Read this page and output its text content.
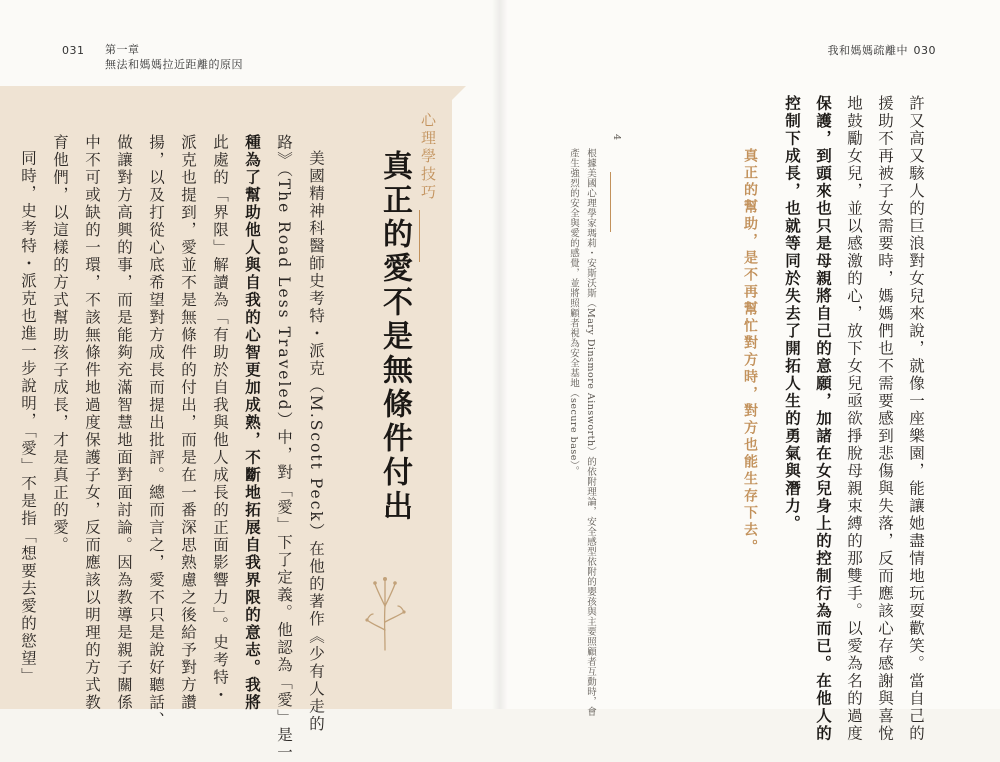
031 第一章
無法和媽媽拉近距離的原因
我和媽媽疏離中 030
心理學技巧
真正的愛不是無條件付出
美國精神科醫師史考特・派克（M.Scott Peck）在他的著作《少有人走的
路》（The Road Less Traveled）中，對「愛」下了定義。他認為「愛」是一
種為了幫助他人與自我的心智更加成熟，不斷地拓展自我界限的意志。我將
此處的「界限」解讀為「有助於自我與他人成長的正面影響力」。史考特・
派克也提到，愛並不是無條件的付出，而是在一番深思熟慮之後給予對方讚
揚，以及打從心底希望對方成長而提出批評。總而言之，愛不只是說好聽話、
做讓對方高興的事，而是能夠充滿智慧地面對面討論。因為教導是親子關係
中不可或缺的一環，不該無條件地過度保護子女，反而應該以明理的方式教
育他們，以這樣的方式幫助孩子成長，才是真正的愛。
同時，史考特・派克也進一步說明，「愛」不是指「想要去愛的慾望」	許又高又駭人的巨浪對女兒來說，就像一座樂園，能讓她盡情地玩耍歡笑。當自己的
援助不再被子女需要時，媽媽們也不需要感到悲傷與失落，反而應該心存感謝與喜悅
地鼓勵女兒，並以感激的心，放下女兒亟欲掙脫母親束縛的那雙手。以愛為名的過度
保護，到頭來也只是母親將自己的意願，加諸在女兒身上的控制行為而已。在他人的
控制下成長，也就等同於失去了開拓人生的勇氣與潛力。
真正的幫助，是不再幫忙對方時，對方也能生存下去。
4
根據美國心理學家瑪莉・安斯沃斯（Mary Dinsmore Ainsworth）的依附理論，安全感型依附的嬰孩與主要照顧者互動時，會
產生強烈的安全與愛的感覺，並將照顧者視為安全基地（secure base）。
